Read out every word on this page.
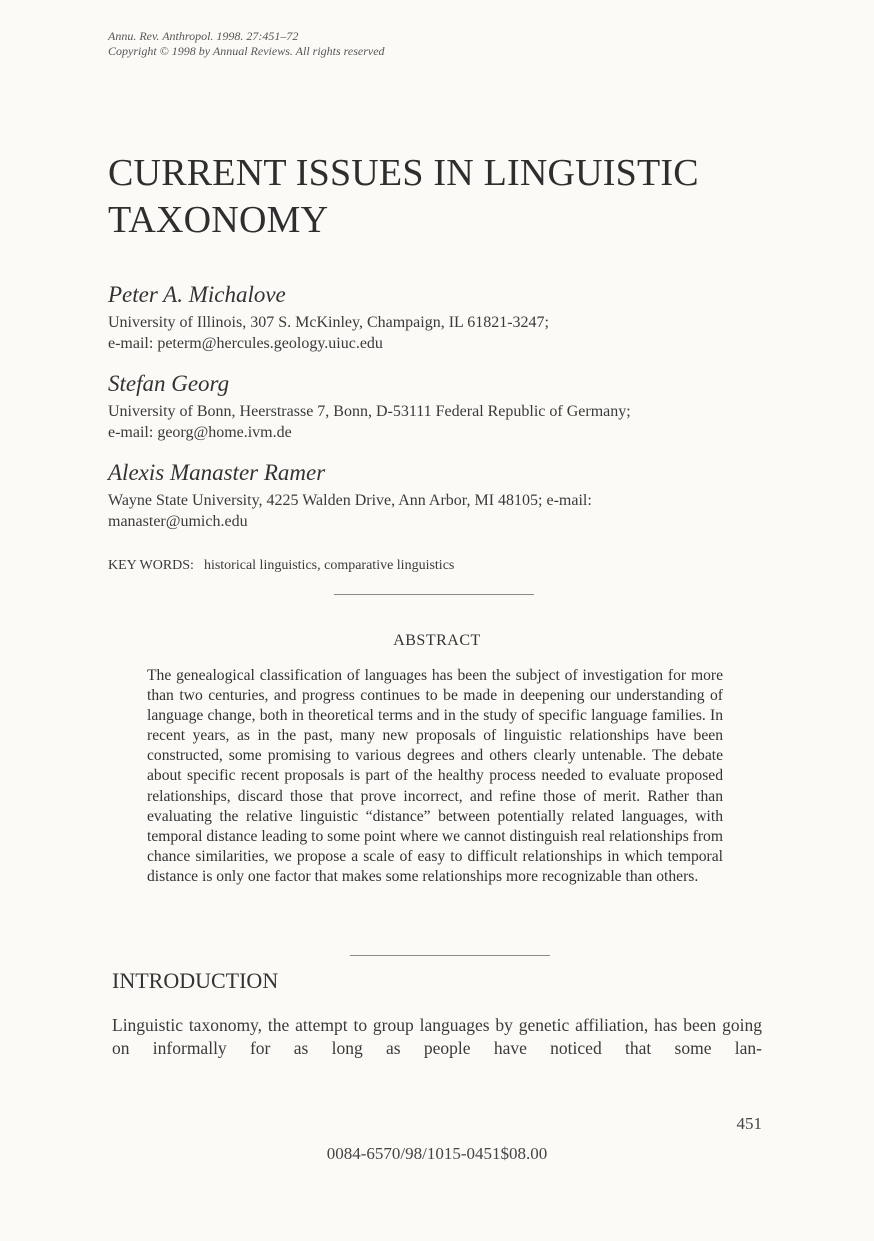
Annu. Rev. Anthropol. 1998. 27:451–72
Copyright © 1998 by Annual Reviews. All rights reserved
CURRENT ISSUES IN LINGUISTIC
TAXONOMY
Peter A. Michalove
University of Illinois, 307 S. McKinley, Champaign, IL 61821-3247;
e-mail: peterm@hercules.geology.uiuc.edu
Stefan Georg
University of Bonn, Heerstrasse 7, Bonn, D-53111 Federal Republic of Germany;
e-mail: georg@home.ivm.de
Alexis Manaster Ramer
Wayne State University, 4225 Walden Drive, Ann Arbor, MI 48105; e-mail:
manaster@umich.edu
KEY WORDS: historical linguistics, comparative linguistics
ABSTRACT
The genealogical classification of languages has been the subject of investigation for more than two centuries, and progress continues to be made in deepening our understanding of language change, both in theoretical terms and in the study of specific language families. In recent years, as in the past, many new proposals of linguistic relationships have been constructed, some promising to various degrees and others clearly untenable. The debate about specific recent proposals is part of the healthy process needed to evaluate proposed relationships, discard those that prove incorrect, and refine those of merit. Rather than evaluating the relative linguistic “distance” between potentially related languages, with temporal distance leading to some point where we cannot distinguish real relationships from chance similarities, we propose a scale of easy to difficult relationships in which temporal distance is only one factor that makes some relationships more recognizable than others.
INTRODUCTION
Linguistic taxonomy, the attempt to group languages by genetic affiliation, has been going on informally for as long as people have noticed that some lan-
451
0084-6570/98/1015-0451$08.00
